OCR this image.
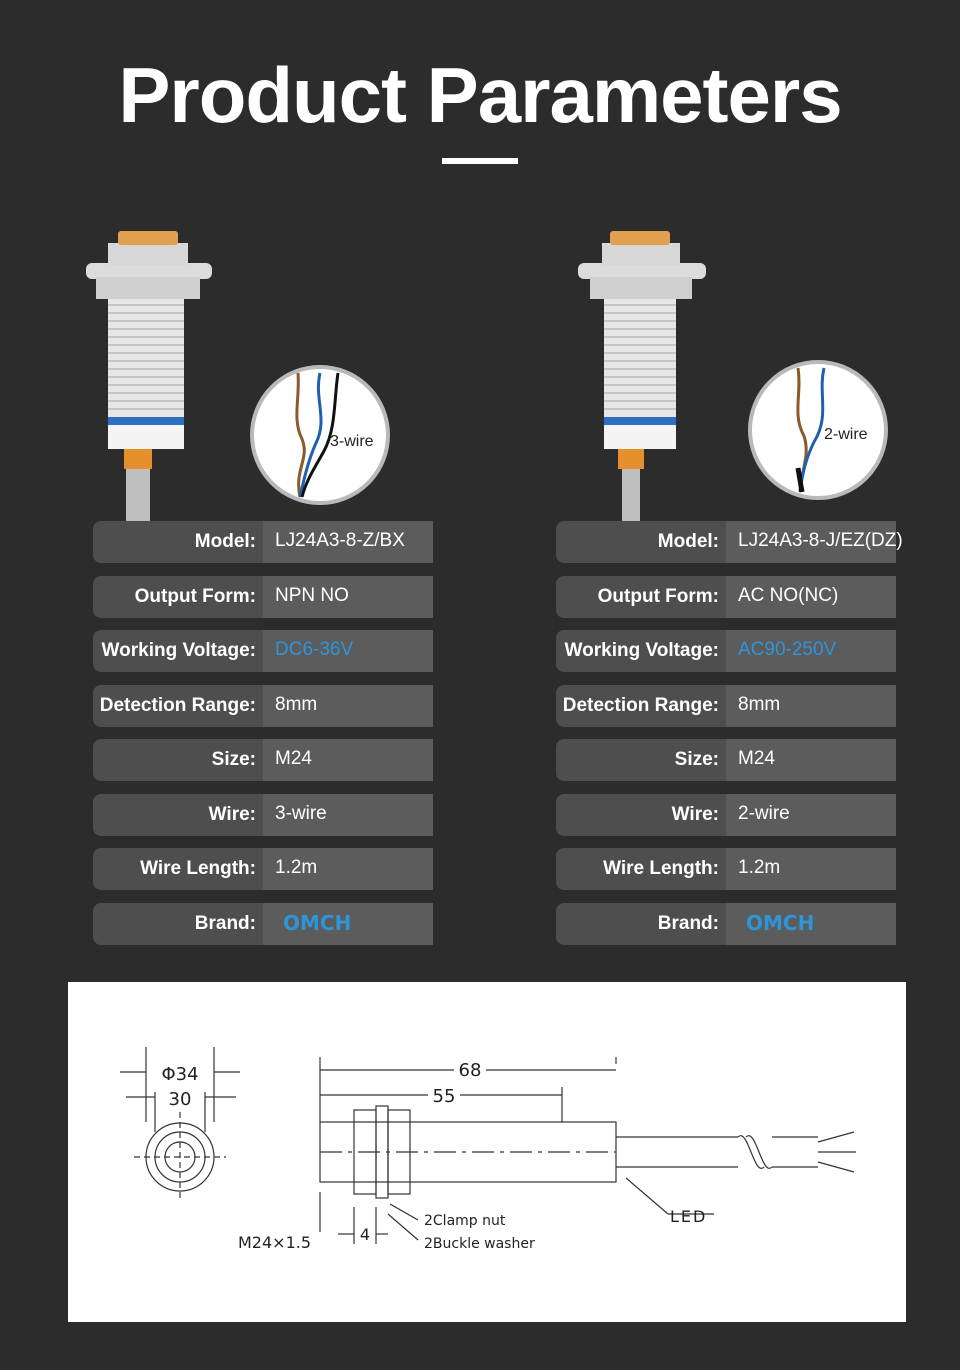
Product Parameters
3-wire	2-wire
Model:	LJ24A3-8-Z/BX
Output Form:	NPN NO
Working Voltage:	DC6-36V
Detection Range:	8mm
Size:	M24
Wire:	3-wire
Wire Length:	1.2m
Brand:	OMCH
Model:	LJ24A3-8-J/EZ(DZ)
Output Form:	AC NO(NC)
Working Voltage:	AC90-250V
Detection Range:	8mm
Size:	M24
Wire:	2-wire
Wire Length:	1.2m
Brand:	OMCH
Φ34
30
68
55
4
M24×1.5
2Clamp nut
2Buckle washer
LED
